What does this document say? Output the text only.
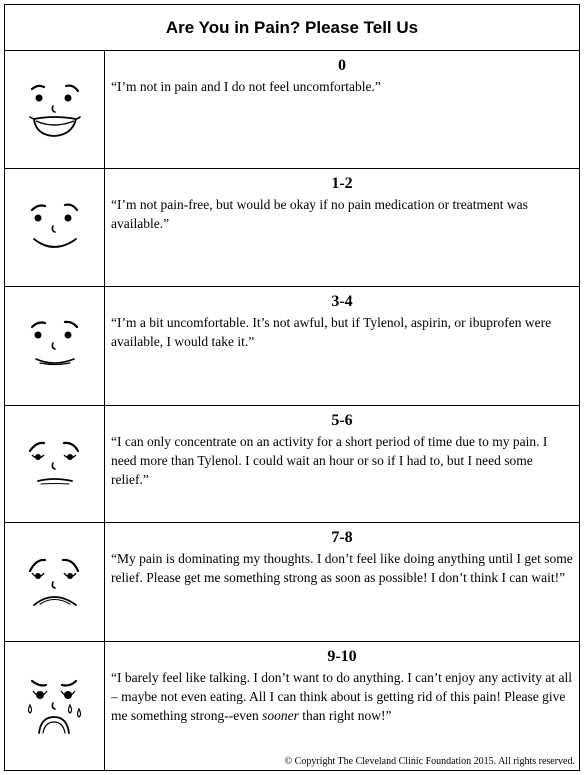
Are You in Pain? Please Tell Us
0
“I’m not in pain and I do not feel uncomfortable.”
1-2
“I’m not pain-free, but would be okay if no pain medication or treatment was available.”
3-4
“I’m a bit uncomfortable. It’s not awful, but if Tylenol, aspirin, or ibuprofen were available, I would take it.”
5-6
“I can only concentrate on an activity for a short period of time due to my pain. I need more than Tylenol. I could wait an hour or so if I had to, but I need some relief.”
7-8
“My pain is dominating my thoughts. I don’t feel like doing anything until I get some relief. Please get me something strong as soon as possible! I don’t think I can wait!”
9-10
“I barely feel like talking. I don’t want to do anything. I can’t enjoy any activity at all – maybe not even eating. All I can think about is getting rid of this pain! Please give me something strong--even sooner than right now!”
© Copyright The Cleveland Clinic Foundation 2015. All rights reserved.
